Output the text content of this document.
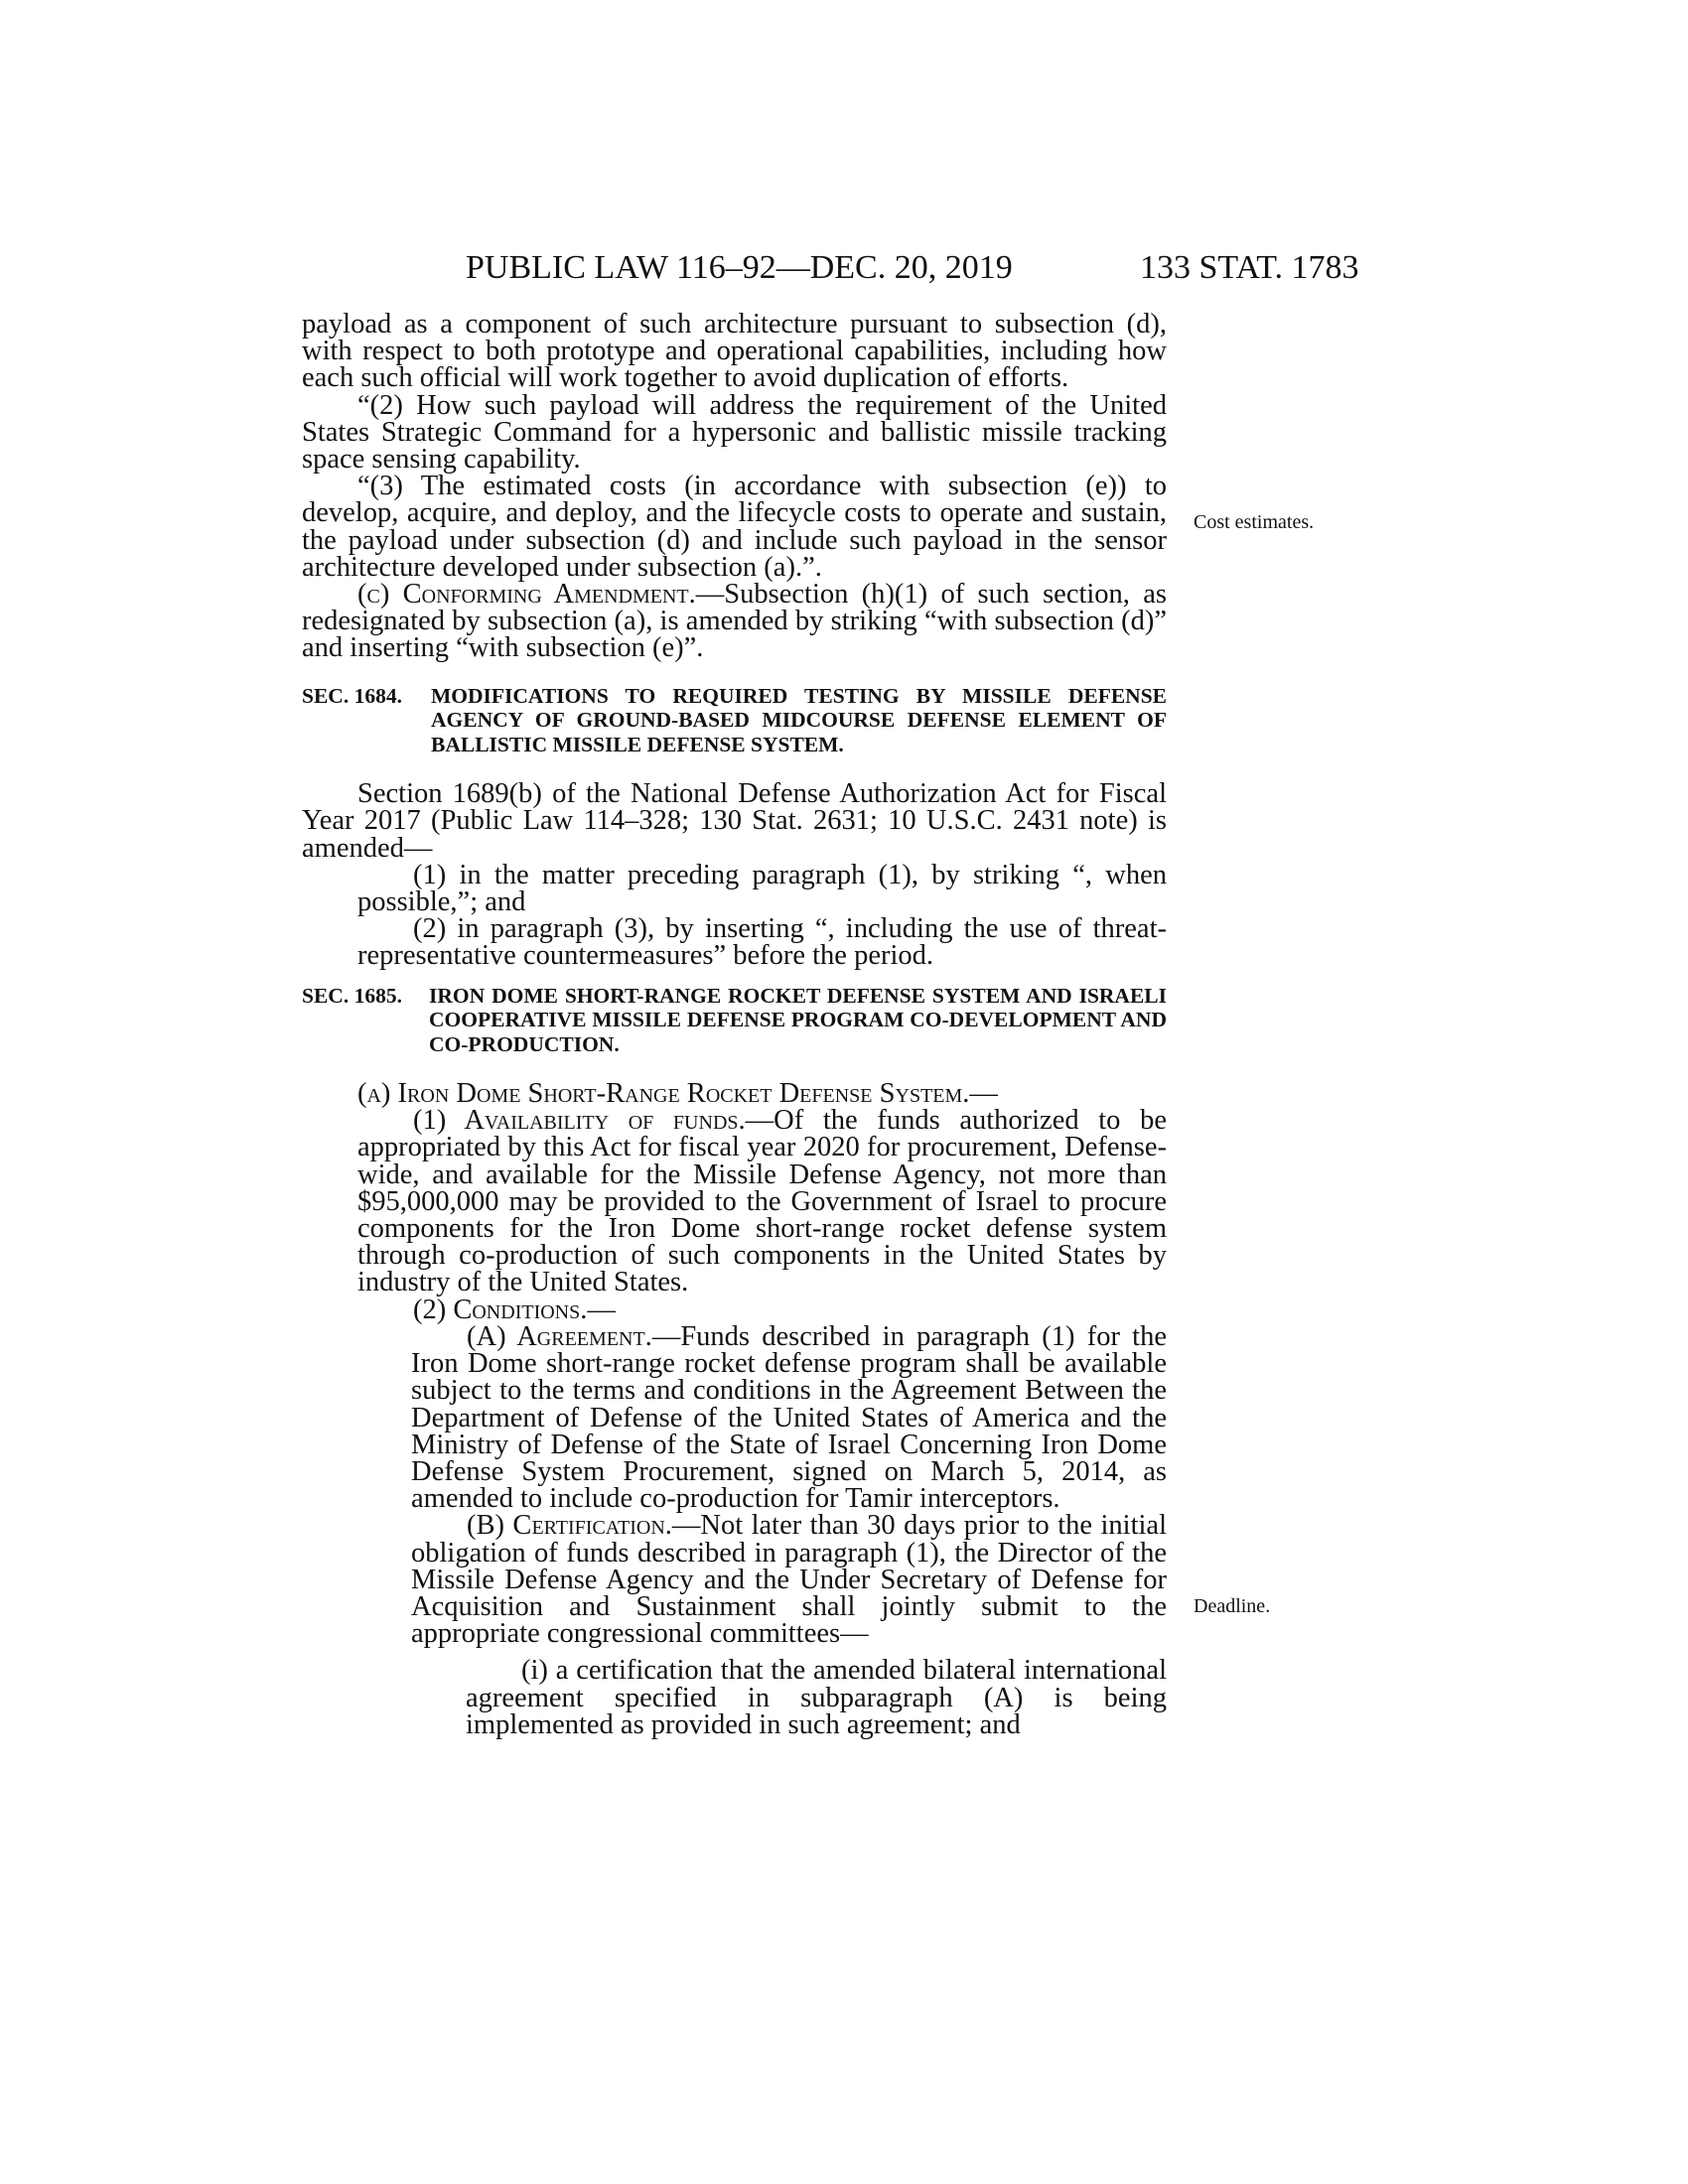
PUBLIC LAW 116–92—DEC. 20, 2019	133 STAT. 1783
Cost estimates.
Deadline.

payload as a component of such architecture pursuant to subsection (d), with respect to both prototype and operational capabilities, including how each such official will work together to avoid duplication of efforts.

“(2) How such payload will address the requirement of the United States Strategic Command for a hypersonic and ballistic missile tracking space sensing capability.

“(3) The estimated costs (in accordance with subsection (e)) to develop, acquire, and deploy, and the lifecycle costs to operate and sustain, the payload under subsection (d) and include such payload in the sensor architecture developed under subsection (a).”.

(c) Conforming Amendment.—Subsection (h)(1) of such section, as redesignated by subsection (a), is amended by striking “with subsection (d)” and inserting “with subsection (e)”.

SEC. 1684.	MODIFICATIONS TO REQUIRED TESTING BY MISSILE DEFENSE AGENCY OF GROUND-BASED MIDCOURSE DEFENSE ELEMENT OF BALLISTIC MISSILE DEFENSE SYSTEM.

Section 1689(b) of the National Defense Authorization Act for Fiscal Year 2017 (Public Law 114–328; 130 Stat. 2631; 10 U.S.C. 2431 note) is amended—

(1) in the matter preceding paragraph (1), by striking “, when possible,”; and

(2) in paragraph (3), by inserting “, including the use of threat-representative countermeasures” before the period.

SEC. 1685.	IRON DOME SHORT-RANGE ROCKET DEFENSE SYSTEM AND ISRAELI COOPERATIVE MISSILE DEFENSE PROGRAM CO-DEVELOPMENT AND CO-PRODUCTION.

(a) Iron Dome Short-Range Rocket Defense System.—

(1) Availability of funds.—Of the funds authorized to be appropriated by this Act for fiscal year 2020 for procurement, Defense-wide, and available for the Missile Defense Agency, not more than $95,000,000 may be provided to the Government of Israel to procure components for the Iron Dome short-range rocket defense system through co-production of such components in the United States by industry of the United States.

(2) Conditions.—

(A) Agreement.—Funds described in paragraph (1) for the Iron Dome short-range rocket defense program shall be available subject to the terms and conditions in the Agreement Between the Department of Defense of the United States of America and the Ministry of Defense of the State of Israel Concerning Iron Dome Defense System Procurement, signed on March 5, 2014, as amended to include co-production for Tamir interceptors.

(B) Certification.—Not later than 30 days prior to the initial obligation of funds described in paragraph (1), the Director of the Missile Defense Agency and the Under Secretary of Defense for Acquisition and Sustainment shall jointly submit to the appropriate congressional committees—

(i) a certification that the amended bilateral international agreement specified in subparagraph (A) is being implemented as provided in such agreement; and
